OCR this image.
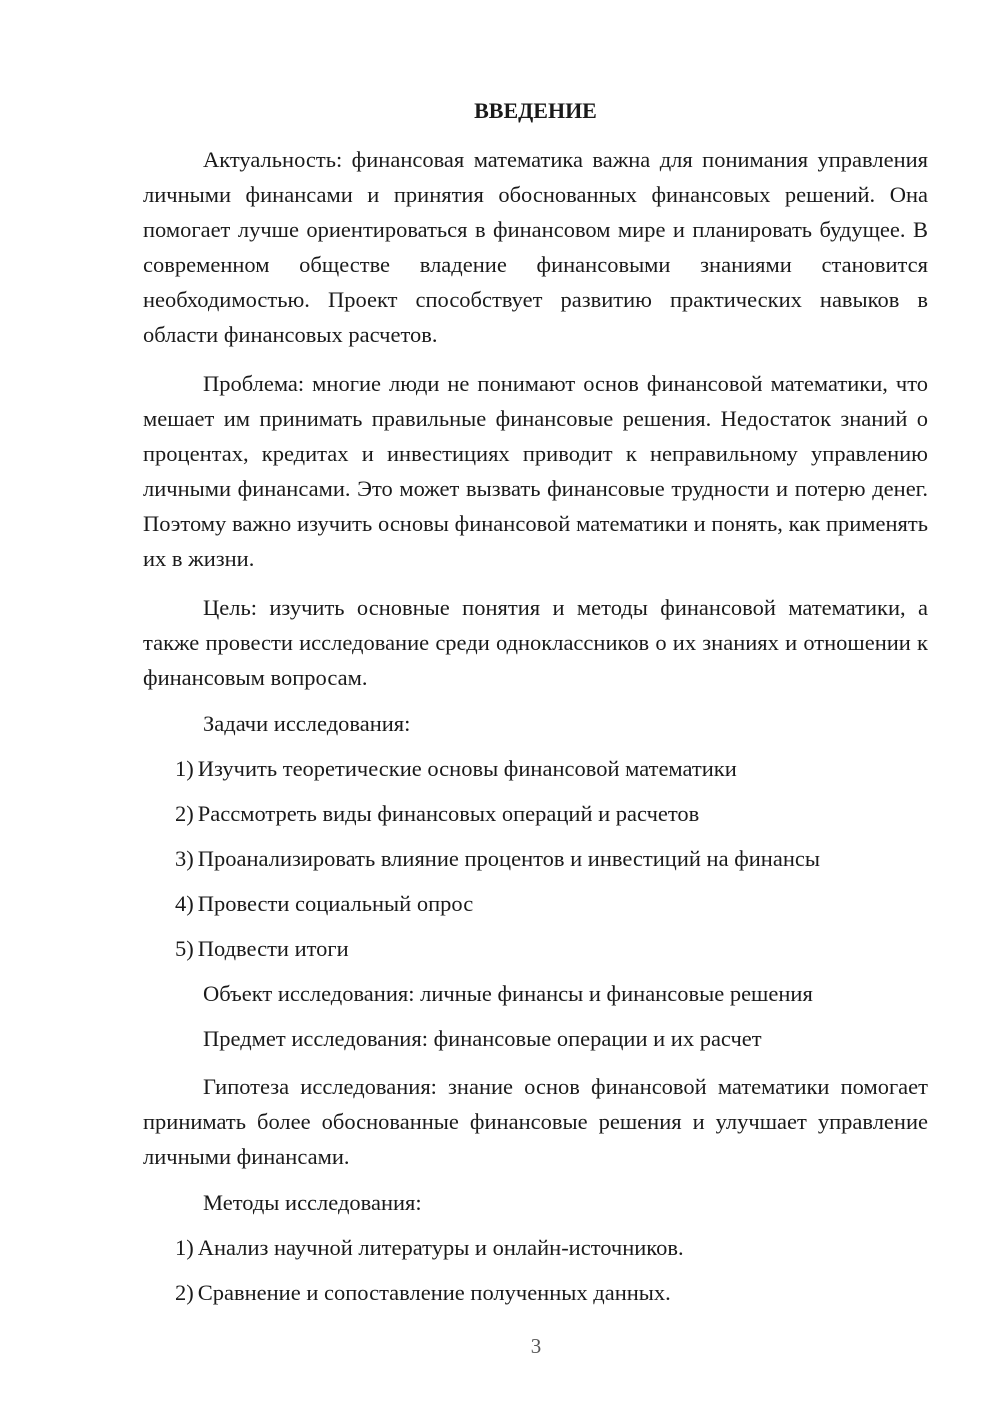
ВВЕДЕНИЕ

Актуальность: финансовая математика важна для понимания управления личными финансами и принятия обоснованных финансовых решений. Она помогает лучше ориентироваться в финансовом мире и планировать будущее. В современном обществе владение финансовыми знаниями становится необходимостью. Проект способствует развитию практических навыков в области финансовых расчетов.

Проблема: многие люди не понимают основ финансовой математики, что мешает им принимать правильные финансовые решения. Недостаток знаний о процентах, кредитах и инвестициях приводит к неправильному управлению личными финансами. Это может вызвать финансовые трудности и потерю денег. Поэтому важно изучить основы финансовой математики и понять, как применять их в жизни.

Цель: изучить основные понятия и методы финансовой математики, а также провести исследование среди одноклассников о их знаниях и отношении к финансовым вопросам.

Задачи исследования:
1) Изучить теоретические основы финансовой математики
2) Рассмотреть виды финансовых операций и расчетов
3) Проанализировать влияние процентов и инвестиций на финансы
4) Провести социальный опрос
5) Подвести итоги
Объект исследования: личные финансы и финансовые решения
Предмет исследования: финансовые операции и их расчет

Гипотеза исследования: знание основ финансовой математики помогает принимать более обоснованные финансовые решения и улучшает управление личными финансами.

Методы исследования:
1) Анализ научной литературы и онлайн-источников.
2) Сравнение и сопоставление полученных данных.
3
